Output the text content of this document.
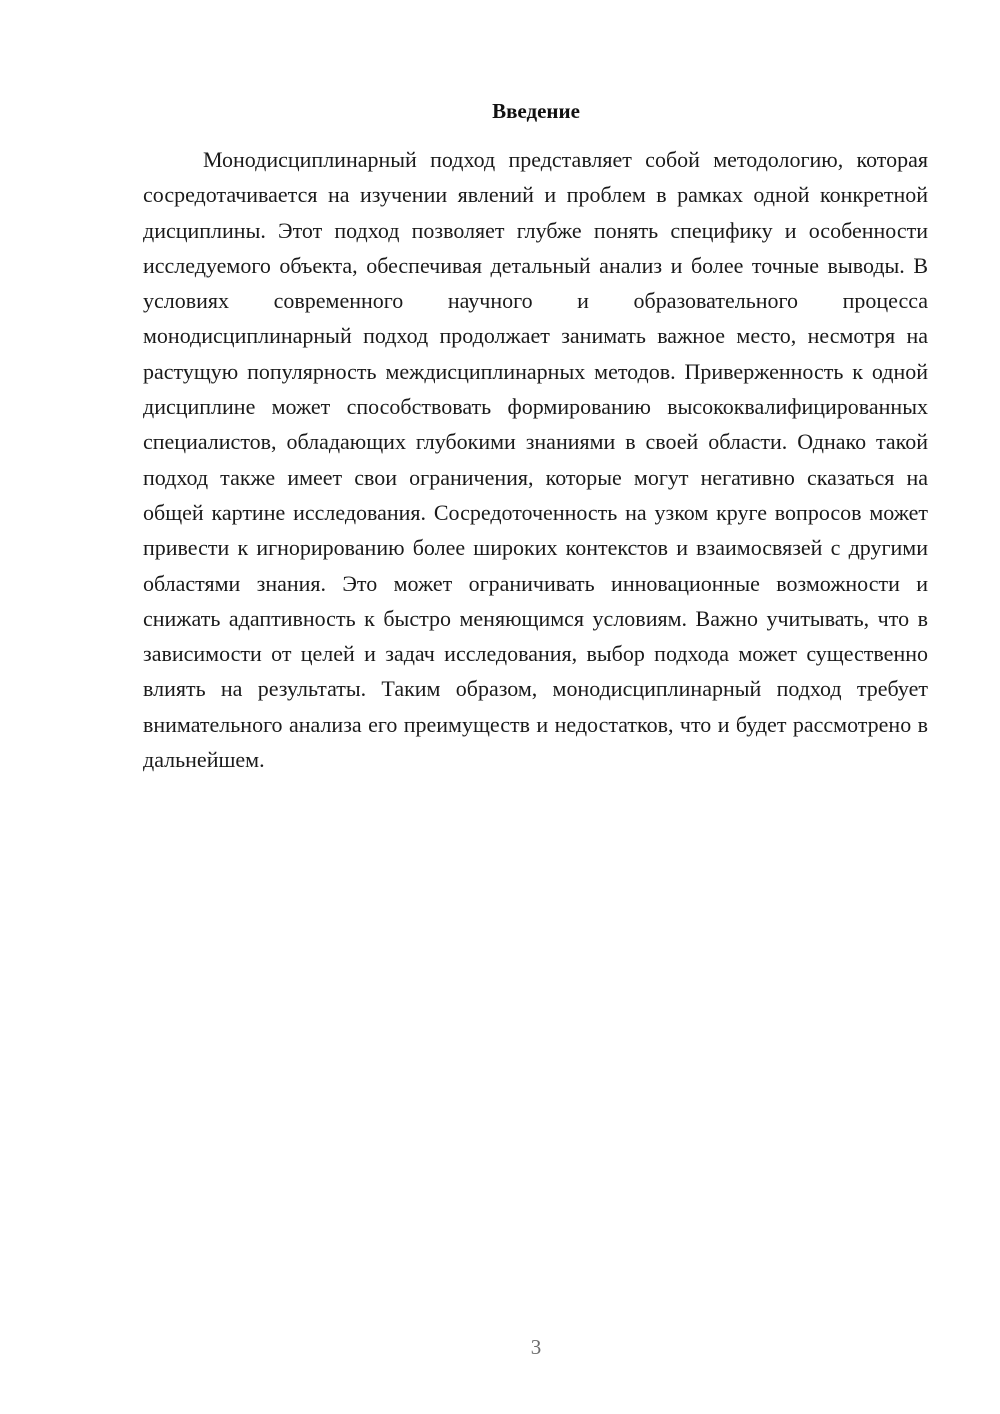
Введение

Монодисциплинарный подход представляет собой методологию, которая сосредотачивается на изучении явлений и проблем в рамках одной конкретной дисциплины. Этот подход позволяет глубже понять специфику и особенности исследуемого объекта, обеспечивая детальный анализ и более точные выводы. В условиях современного научного и образовательного процесса монодисциплинарный подход продолжает занимать важное место, несмотря на растущую популярность междисциплинарных методов. Приверженность к одной дисциплине может способствовать формированию высококвалифицированных специалистов, обладающих глубокими знаниями в своей области. Однако такой подход также имеет свои ограничения, которые могут негативно сказаться на общей картине исследования. Сосредоточенность на узком круге вопросов может привести к игнорированию более широких контекстов и взаимосвязей с другими областями знания. Это может ограничивать инновационные возможности и снижать адаптивность к быстро меняющимся условиям. Важно учитывать, что в зависимости от целей и задач исследования, выбор подхода может существенно влиять на результаты. Таким образом, монодисциплинарный подход требует внимательного анализа его преимуществ и недостатков, что и будет рассмотрено в дальнейшем.

3
